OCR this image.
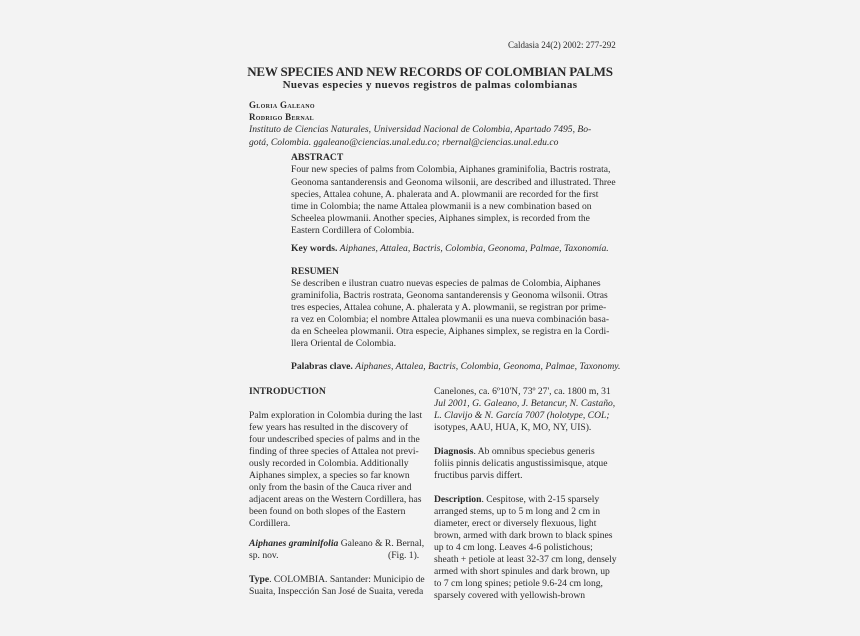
Caldasia 24(2) 2002: 277-292
NEW SPECIES AND NEW RECORDS OF COLOMBIAN PALMS
Nuevas especies y nuevos registros de palmas colombianas
Gloria Galeano
Rodrigo Bernal
Instituto de Ciencias Naturales, Universidad Nacional de Colombia, Apartado 7495, Bo-
gotá, Colombia. ggaleano@ciencias.unal.edu.co; rbernal@ciencias.unal.edu.co
ABSTRACT
Four new species of palms from Colombia, Aiphanes graminifolia, Bactris rostrata,
Geonoma santanderensis and Geonoma wilsonii, are described and illustrated. Three
species, Attalea cohune, A. phalerata and A. plowmanii are recorded for the first
time in Colombia; the name Attalea plowmanii is a new combination based on
Scheelea plowmanii. Another species, Aiphanes simplex, is recorded from the
Eastern Cordillera of Colombia.
Key words. Aiphanes, Attalea, Bactris, Colombia, Geonoma, Palmae, Taxonomía.
RESUMEN
Se describen e ilustran cuatro nuevas especies de palmas de Colombia, Aiphanes
graminifolia, Bactris rostrata, Geonoma santanderensis y Geonoma wilsonii. Otras
tres especies, Attalea cohune, A. phalerata y A. plowmanii, se registran por prime-
ra vez en Colombia; el nombre Attalea plowmanii es una nueva combinación basa-
da en Scheelea plowmanii. Otra especie, Aiphanes simplex, se registra en la Cordi-
llera Oriental de Colombia.
Palabras clave. Aiphanes, Attalea, Bactris, Colombia, Geonoma, Palmae, Taxonomy.
INTRODUCTION
Palm exploration in Colombia during the last
few years has resulted in the discovery of
four undescribed species of palms and in the
finding of three species of Attalea not previ-
ously recorded in Colombia. Additionally
Aiphanes simplex, a species so far known
only from the basin of the Cauca river and
adjacent areas on the Western Cordillera, has
been found on both slopes of the Eastern
Cordillera.
Aiphanes graminifolia Galeano & R. Bernal,
sp. nov.	(Fig. 1).
Type. COLOMBIA. Santander: Municipio de
Suaita, Inspección San José de Suaita, vereda
Canelones, ca. 6º10'N, 73º 27', ca. 1800 m, 31
Jul 2001, G. Galeano, J. Betancur, N. Castaño,
L. Clavijo & N. García 7007 (holotype, COL;
isotypes, AAU, HUA, K, MO, NY, UIS).
Diagnosis. Ab omnibus speciebus generis
foliis pinnis delicatis angustissimisque, atque
fructibus parvis differt.
Description. Cespitose, with 2-15 sparsely
arranged stems, up to 5 m long and 2 cm in
diameter, erect or diversely flexuous, light
brown, armed with dark brown to black spines
up to 4 cm long. Leaves 4-6 polistichous;
sheath + petiole at least 32-37 cm long, densely
armed with short spinules and dark brown, up
to 7 cm long spines; petiole 9.6-24 cm long,
sparsely covered with yellowish-brown
